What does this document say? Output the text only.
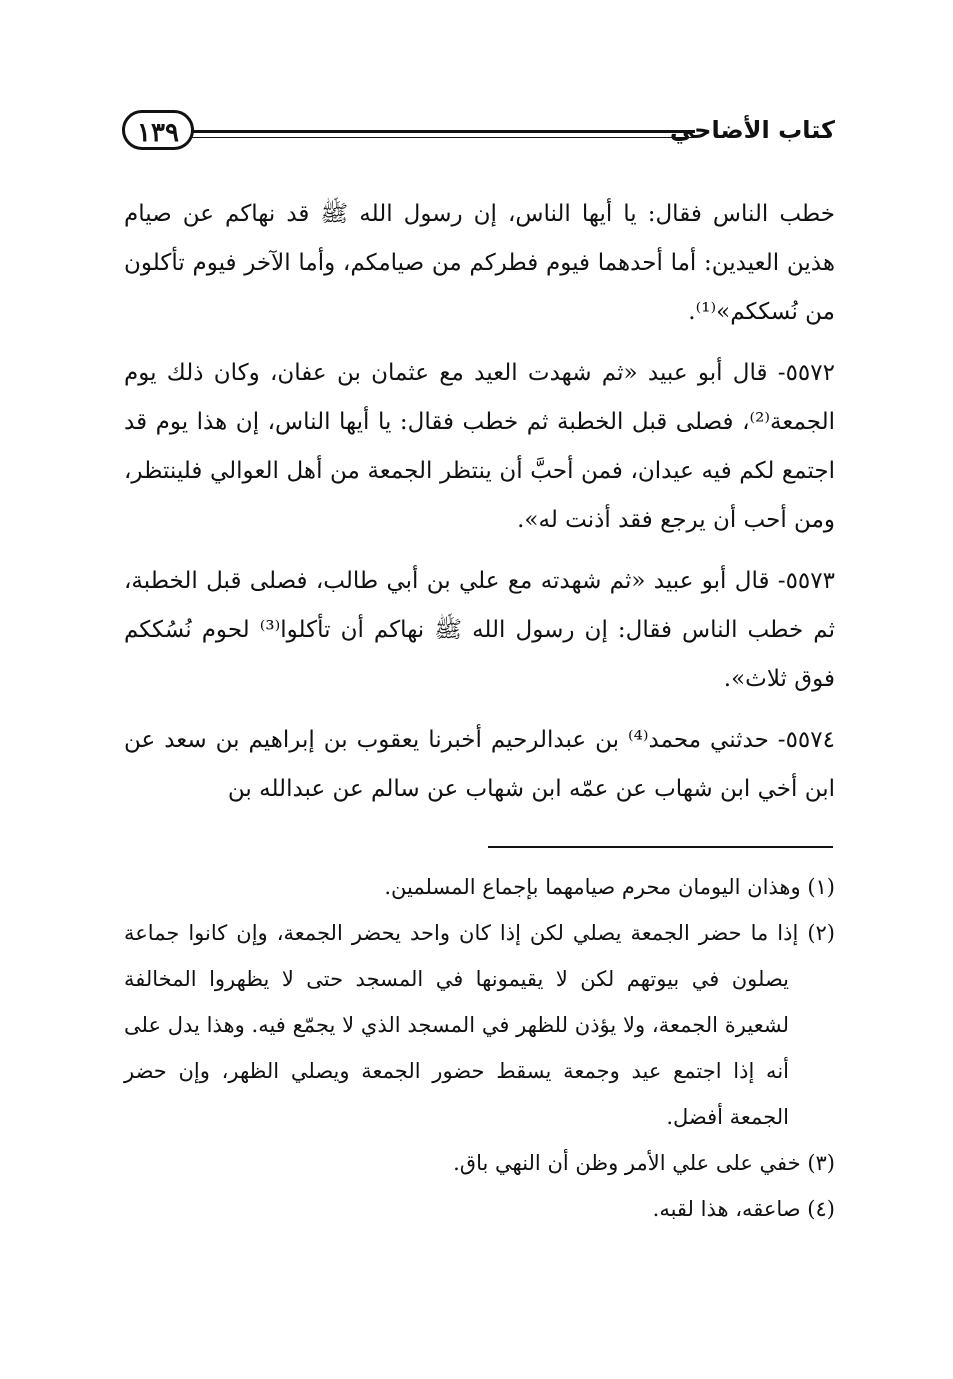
كتاب الأضاحي
١٣٩

خطب الناس فقال: يا أيها الناس، إن رسول الله ﷺ قد نهاكم عن صيام هذين العيدين: أما أحدهما فيوم فطركم من صيامكم، وأما الآخر فيوم تأكلون من نُسككم»⁽¹⁾.

٥٥٧٢- قال أبو عبيد «ثم شهدت العيد مع عثمان بن عفان، وكان ذلك يوم الجمعة⁽²⁾، فصلى قبل الخطبة ثم خطب فقال: يا أيها الناس، إن هذا يوم قد اجتمع لكم فيه عيدان، فمن أحبَّ أن ينتظر الجمعة من أهل العوالي فلينتظر، ومن أحب أن يرجع فقد أذنت له».

٥٥٧٣- قال أبو عبيد «ثم شهدته مع علي بن أبي طالب، فصلى قبل الخطبة، ثم خطب الناس فقال: إن رسول الله ﷺ نهاكم أن تأكلوا⁽³⁾ لحوم نُسُككم فوق ثلاث».

٥٥٧٤- حدثني محمد⁽⁴⁾ بن عبدالرحيم أخبرنا يعقوب بن إبراهيم بن سعد عن ابن أخي ابن شهاب عن عمّه ابن شهاب عن سالم عن عبدالله بن

(١) وهذان اليومان محرم صيامهما بإجماع المسلمين.

(٢) إذا ما حضر الجمعة يصلي لكن إذا كان واحد يحضر الجمعة، وإن كانوا جماعة يصلون في بيوتهم لكن لا يقيمونها في المسجد حتى لا يظهروا المخالفة لشعيرة الجمعة، ولا يؤذن للظهر في المسجد الذي لا يجمّع فيه. وهذا يدل على أنه إذا اجتمع عيد وجمعة يسقط حضور الجمعة ويصلي الظهر، وإن حضر الجمعة أفضل.

(٣) خفي على علي الأمر وظن أن النهي باق.

(٤) صاعقه، هذا لقبه.
